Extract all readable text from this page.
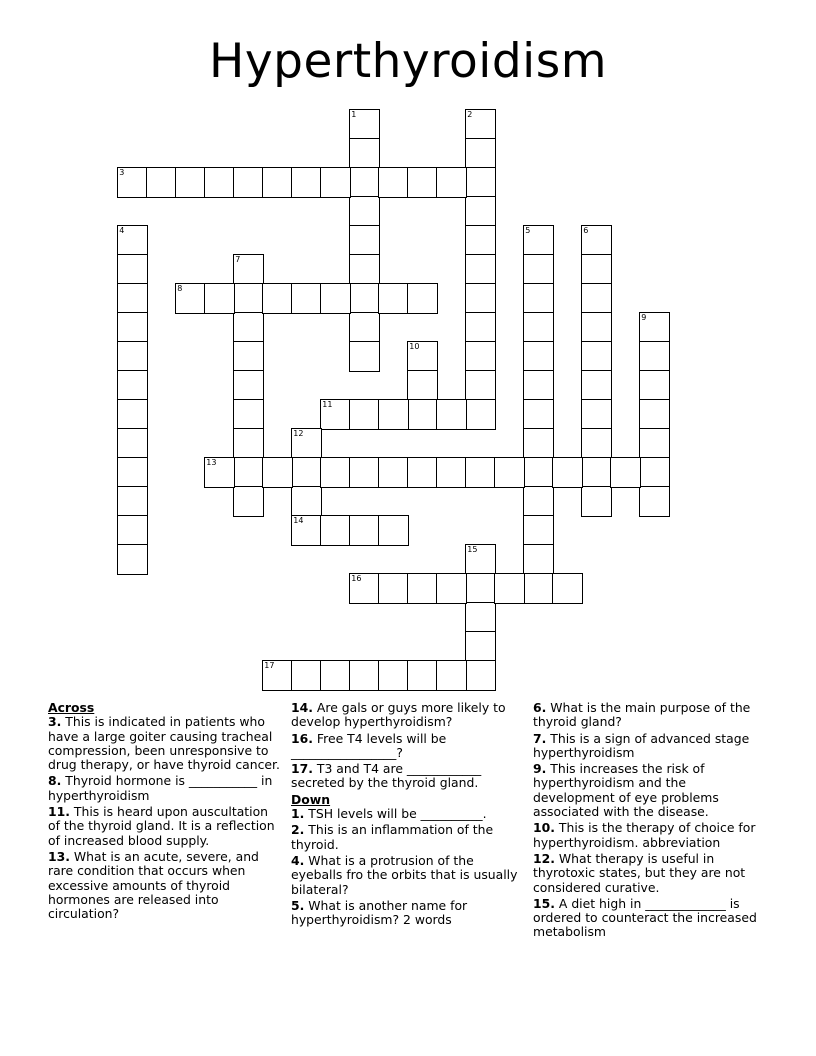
Hyperthyroidism
1	2
3
4	5	6
7
8
9
10
11
12
14
13
15
16
17

Across

3. This is indicated in patients who have a large goiter causing tracheal compression, been unresponsive to drug therapy, or have thyroid cancer.

8. Thyroid hormone is ___________ in hyperthyroidism

11. This is heard upon auscultation of the thyroid gland. It is a reflection of increased blood supply.

13. What is an acute, severe, and rare condition that occurs when excessive amounts of thyroid hormones are released into circulation?

14. Are gals or guys more likely to develop hyperthyroidism?

16. Free T4 levels will be _________________?

17. T3 and T4 are ____________ secreted by the thyroid gland.

Down

1. TSH levels will be __________.

2. This is an inflammation of the thyroid.

4. What is a protrusion of the eyeballs fro the orbits that is usually bilateral?

5. What is another name for hyperthyroidism? 2 words

6. What is the main purpose of the thyroid gland?

7. This is a sign of advanced stage hyperthyroidism

9. This increases the risk of hyperthyroidism and the development of eye problems associated with the disease.

10. This is the therapy of choice for hyperthyroidism. abbreviation

12. What therapy is useful in thyrotoxic states, but they are not considered curative.

15. A diet high in _____________ is ordered to counteract the increased metabolism
